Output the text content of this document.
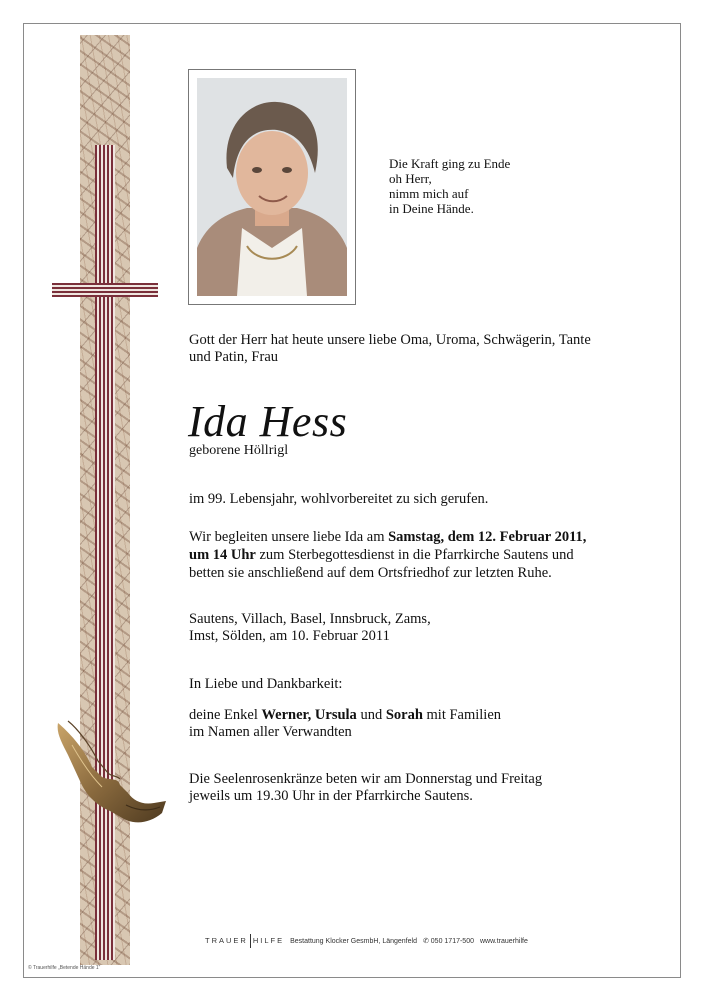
© Trauerhilfe „Betende Hände 1“
Die Kraft ging zu Ende
oh Herr,
nimm mich auf
in Deine Hände.
Gott der Herr hat heute unsere liebe Oma, Uroma, Schwägerin, Tante
und Patin, Frau
Ida Hess
geborene Höllrigl
im 99. Lebensjahr, wohlvorbereitet zu sich gerufen.
Wir begleiten unsere liebe Ida am Samstag, dem 12. Februar 2011,
um 14 Uhr zum Sterbegottesdienst in die Pfarrkirche Sautens und
betten sie anschließend auf dem Ortsfriedhof zur letzten Ruhe.
Sautens, Villach, Basel, Innsbruck, Zams,
Imst, Sölden, am 10. Februar 2011
In Liebe und Dankbarkeit:
deine Enkel Werner, Ursula und Sorah mit Familien
im Namen aller Verwandten
Die Seelenrosenkränze beten wir am Donnerstag und Freitag
jeweils um 19.30 Uhr in der Pfarrkirche Sautens.
TRAUER HILFE Bestattung Klocker GesmbH, Längenfeld ✆ 050 1717-500 www.trauerhilfe
